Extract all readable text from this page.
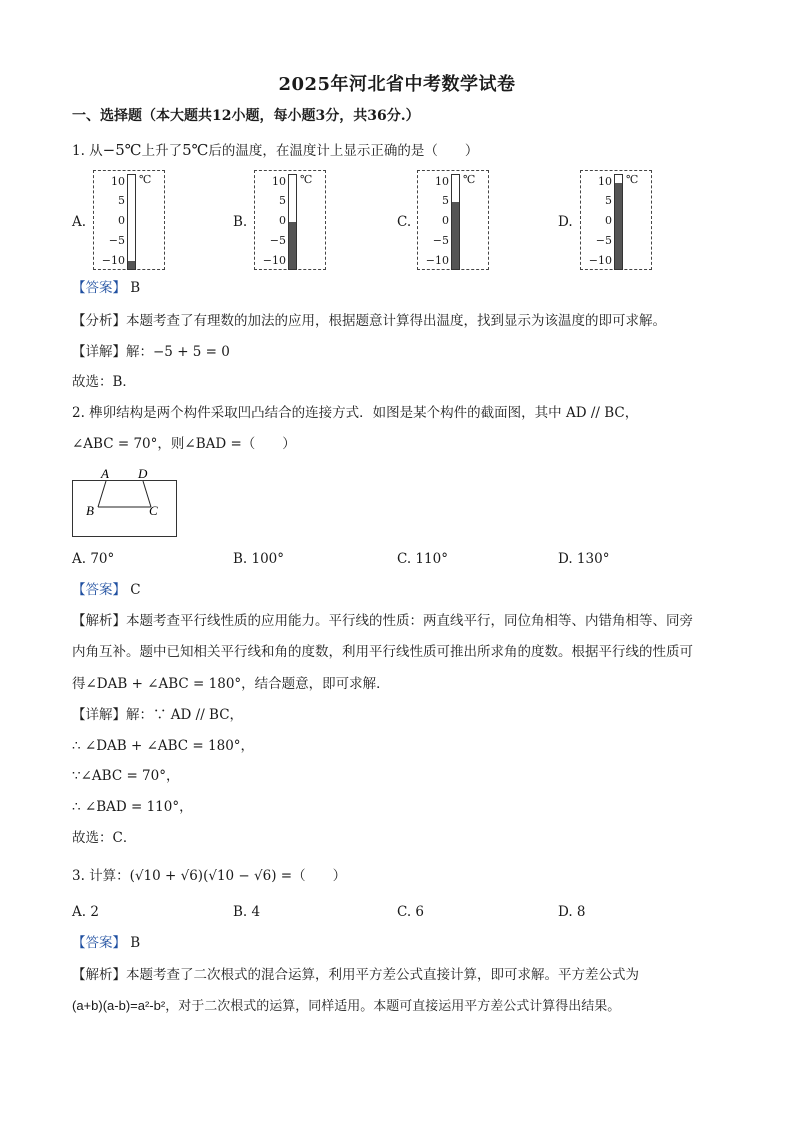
2025年河北省中考数学试卷
一、选择题（本大题共12小题，每小题3分，共36分.）
1. 从−5℃上升了5℃后的温度，在温度计上显示正确的是（　　）
A.
10
5
0
−5
−10
℃
B.
10
5
0
−5
−10
℃
C.
10
5
0
−5
−10
℃
D.
10
5
0
−5
−10
℃
【答案】 B
【分析】本题考查了有理数的加法的应用，根据题意计算得出温度，找到显示为该温度的即可求解。
【详解】解：−5 + 5 = 0
故选：B．
2. 榫卯结构是两个构件采取凹凸结合的连接方式．如图是某个构件的截面图，其中 AD // BC，
∠ABC = 70°，则∠BAD =（　　）
A D
B	C
A. 70°	B. 100°	C. 110°	D. 130°
【答案】 C
【解析】本题考查平行线性质的应用能力。平行线的性质：两直线平行，同位角相等、内错角相等、同旁
内角互补。题中已知相关平行线和角的度数，利用平行线性质可推出所求角的度数。根据平行线的性质可
得∠DAB + ∠ABC = 180°，结合题意，即可求解．
【详解】解：∵ AD // BC，
∴ ∠DAB + ∠ABC = 180°，
∵∠ABC = 70°，
∴ ∠BAD = 110°，
故选：C．
3. 计算：(√10 + √6)(√10 − √6) =（　　）
A. 2	B. 4	C. 6	D. 8
【答案】 B
【解析】本题考查了二次根式的混合运算，利用平方差公式直接计算，即可求解。平方差公式为
(a+b)(a-b)=a²-b²，对于二次根式的运算，同样适用。本题可直接运用平方差公式计算得出结果。
